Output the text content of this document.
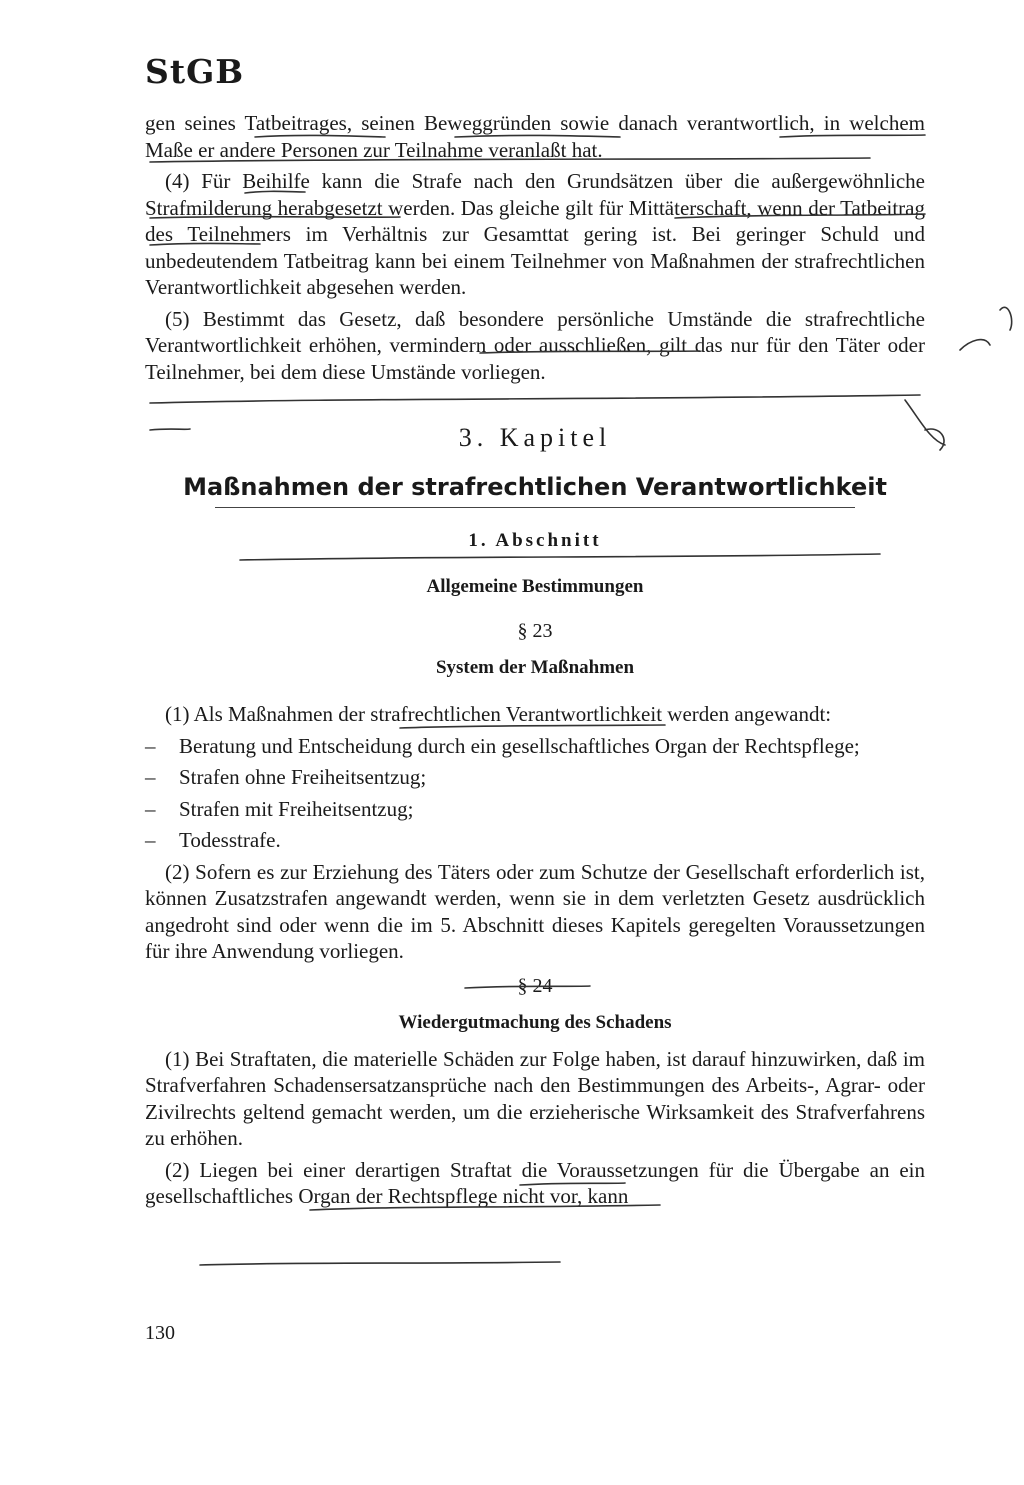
StGB

gen seines Tatbeitrages, seinen Beweggründen sowie danach verantwortlich, in welchem Maße er andere Personen zur Teilnahme veranlaßt hat.

(4) Für Beihilfe kann die Strafe nach den Grundsätzen über die außergewöhnliche Strafmilderung herabgesetzt werden. Das gleiche gilt für Mittäterschaft, wenn der Tatbeitrag des Teilnehmers im Verhältnis zur Gesamttat gering ist. Bei geringer Schuld und unbedeutendem Tatbeitrag kann bei einem Teilnehmer von Maßnahmen der strafrechtlichen Verantwortlichkeit abgesehen werden.

(5) Bestimmt das Gesetz, daß besondere persönliche Umstände die strafrechtliche Verantwortlichkeit erhöhen, vermindern oder ausschließen, gilt das nur für den Täter oder Teilnehmer, bei dem diese Umstände vorliegen.

3. Kapitel
Maßnahmen der strafrechtlichen Verantwortlichkeit
1. Abschnitt
Allgemeine Bestimmungen
§ 23
System der Maßnahmen

(1) Als Maßnahmen der strafrechtlichen Verantwortlichkeit werden angewandt:

– Beratung und Entscheidung durch ein gesellschaftliches Organ der Rechtspflege;
– Strafen ohne Freiheitsentzug;
– Strafen mit Freiheitsentzug;
– Todesstrafe.

(2) Sofern es zur Erziehung des Täters oder zum Schutze der Gesellschaft erforderlich ist, können Zusatzstrafen angewandt werden, wenn sie in dem verletzten Gesetz ausdrücklich angedroht sind oder wenn die im 5. Abschnitt dieses Kapitels geregelten Voraussetzungen für ihre Anwendung vorliegen.

§ 24
Wiedergutmachung des Schadens

(1) Bei Straftaten, die materielle Schäden zur Folge haben, ist darauf hinzuwirken, daß im Strafverfahren Schadensersatzansprüche nach den Bestimmungen des Arbeits-, Agrar- oder Zivilrechts geltend gemacht werden, um die erzieherische Wirksamkeit des Strafverfahrens zu erhöhen.

(2) Liegen bei einer derartigen Straftat die Voraussetzungen für die Übergabe an ein gesellschaftliches Organ der Rechtspflege nicht vor, kann

130
